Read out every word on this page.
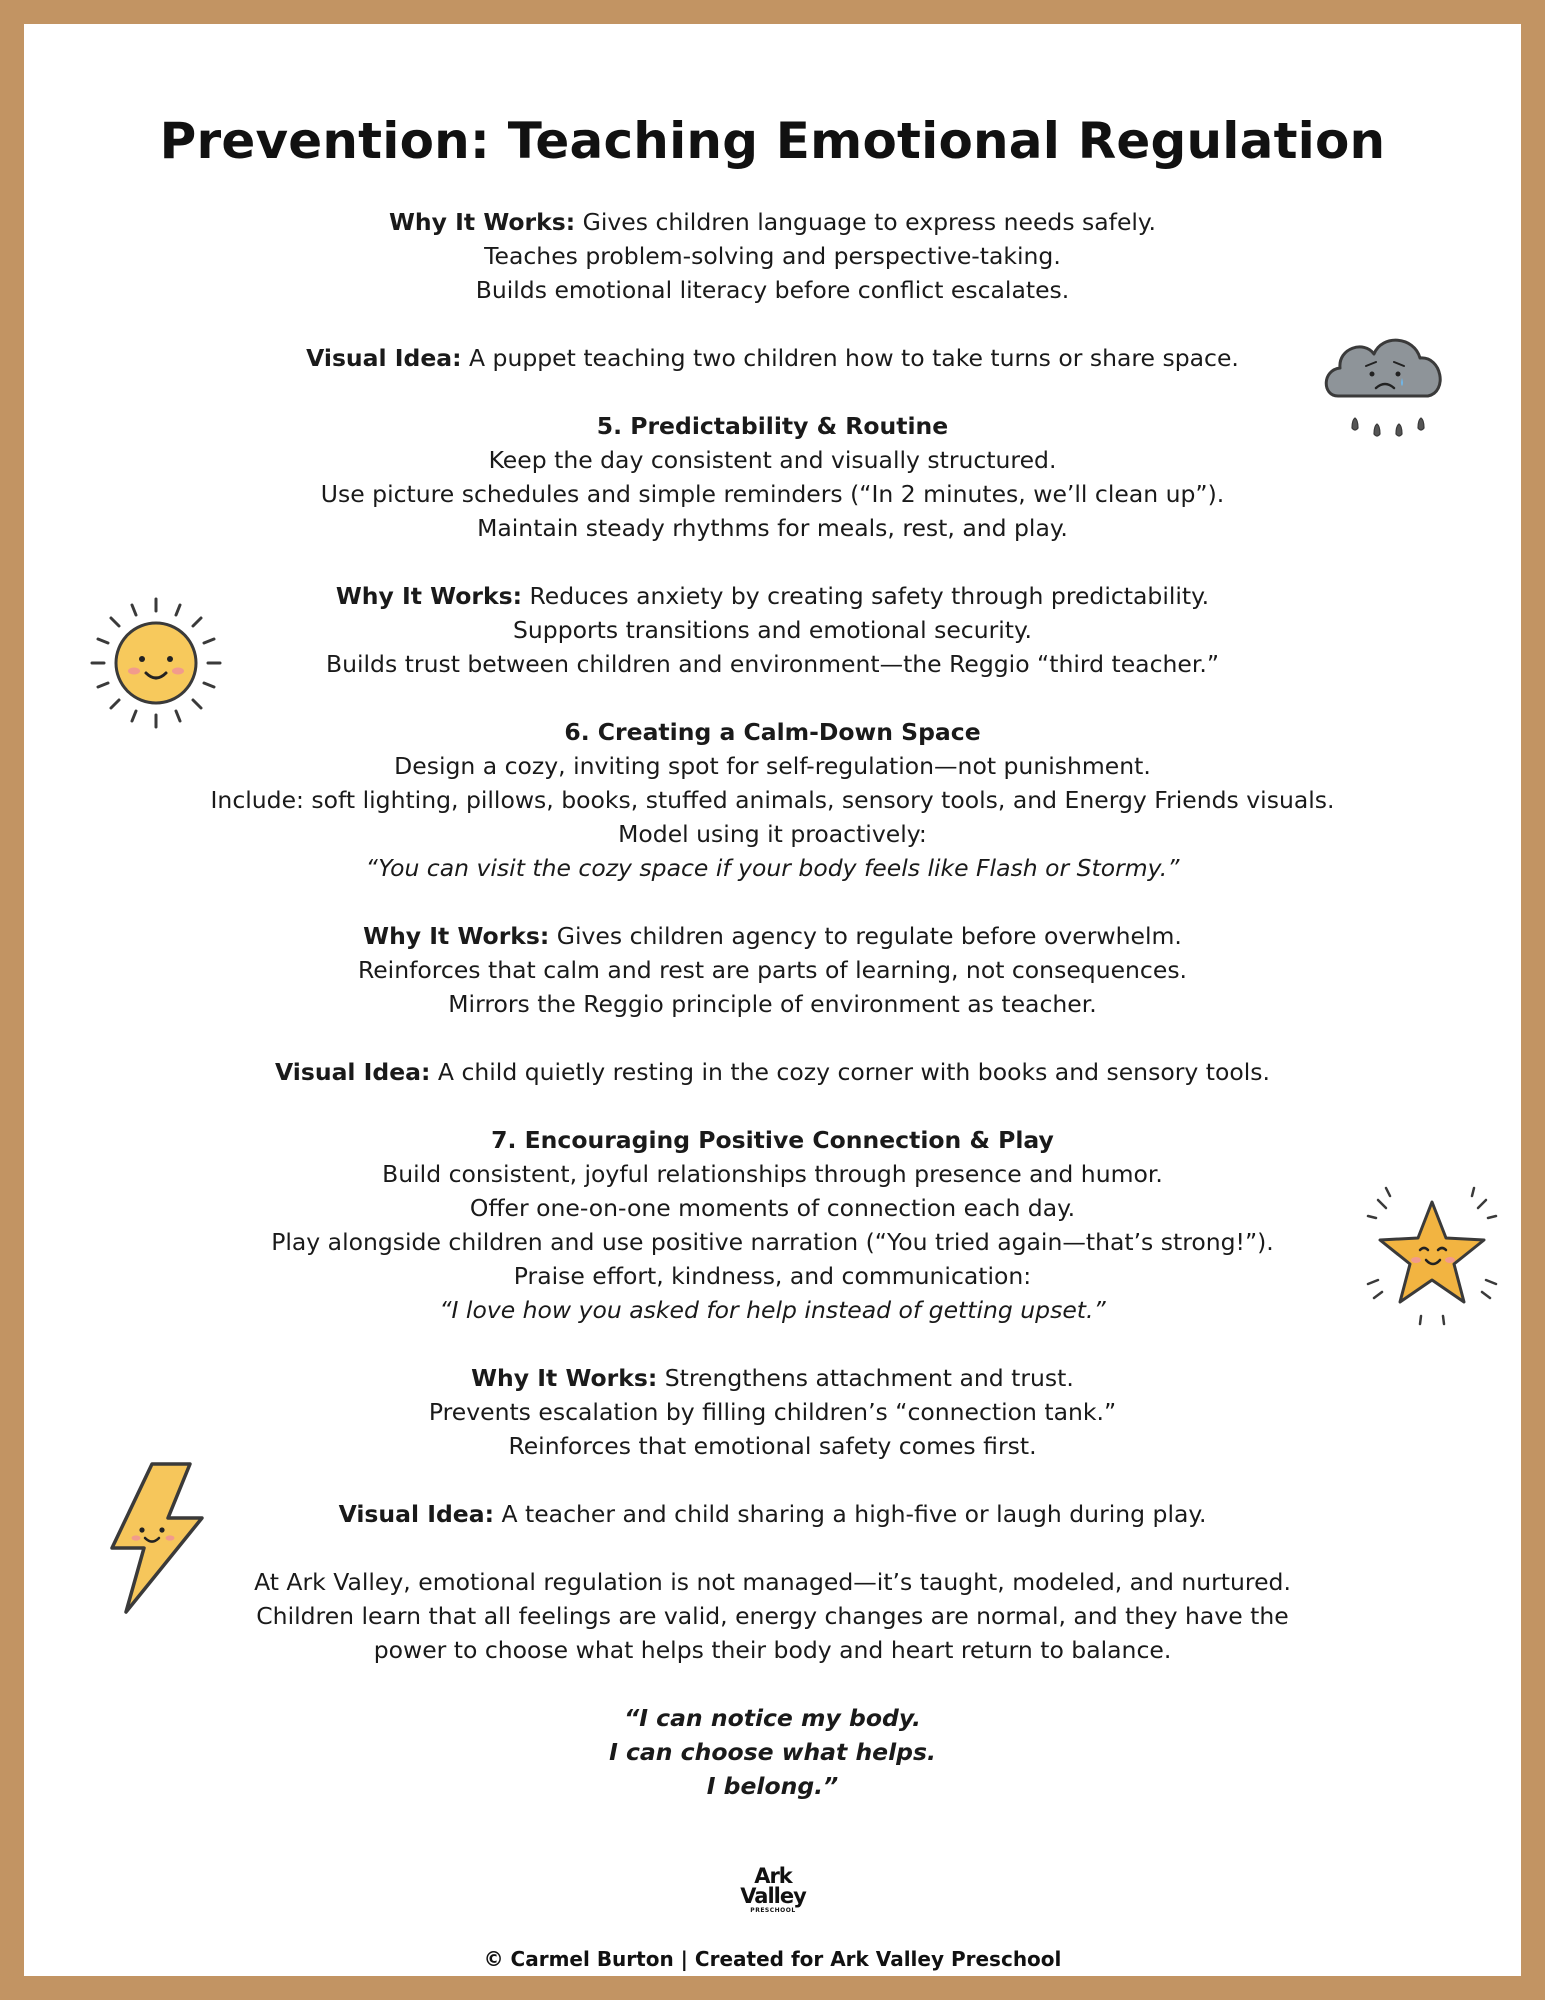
Prevention: Teaching Emotional Regulation

Why It Works: Gives children language to express needs safely.
Teaches problem-solving and perspective-taking.
Builds emotional literacy before conflict escalates.

Visual Idea: A puppet teaching two children how to take turns or share space.

5. Predictability & Routine
Keep the day consistent and visually structured.
Use picture schedules and simple reminders (“In 2 minutes, we’ll clean up”).
Maintain steady rhythms for meals, rest, and play.

Why It Works: Reduces anxiety by creating safety through predictability.
Supports transitions and emotional security.
Builds trust between children and environment—the Reggio “third teacher.”

6. Creating a Calm-Down Space
Design a cozy, inviting spot for self-regulation—not punishment.
Include: soft lighting, pillows, books, stuffed animals, sensory tools, and Energy Friends visuals.
Model using it proactively:
“You can visit the cozy space if your body feels like Flash or Stormy.”

Why It Works: Gives children agency to regulate before overwhelm.
Reinforces that calm and rest are parts of learning, not consequences.
Mirrors the Reggio principle of environment as teacher.

Visual Idea: A child quietly resting in the cozy corner with books and sensory tools.

7. Encouraging Positive Connection & Play
Build consistent, joyful relationships through presence and humor.
Offer one-on-one moments of connection each day.
Play alongside children and use positive narration (“You tried again—that’s strong!”).
Praise effort, kindness, and communication:
“I love how you asked for help instead of getting upset.”

Why It Works: Strengthens attachment and trust.
Prevents escalation by filling children’s “connection tank.”
Reinforces that emotional safety comes first.

Visual Idea: A teacher and child sharing a high-five or laugh during play.

At Ark Valley, emotional regulation is not managed—it’s taught, modeled, and nurtured.
Children learn that all feelings are valid, energy changes are normal, and they have the power to choose what helps their body and heart return to balance.

“I can notice my body.
I can choose what helps.
I belong.”

Ark
Valley
PRESCHOOL
© Carmel Burton | Created for Ark Valley Preschool
